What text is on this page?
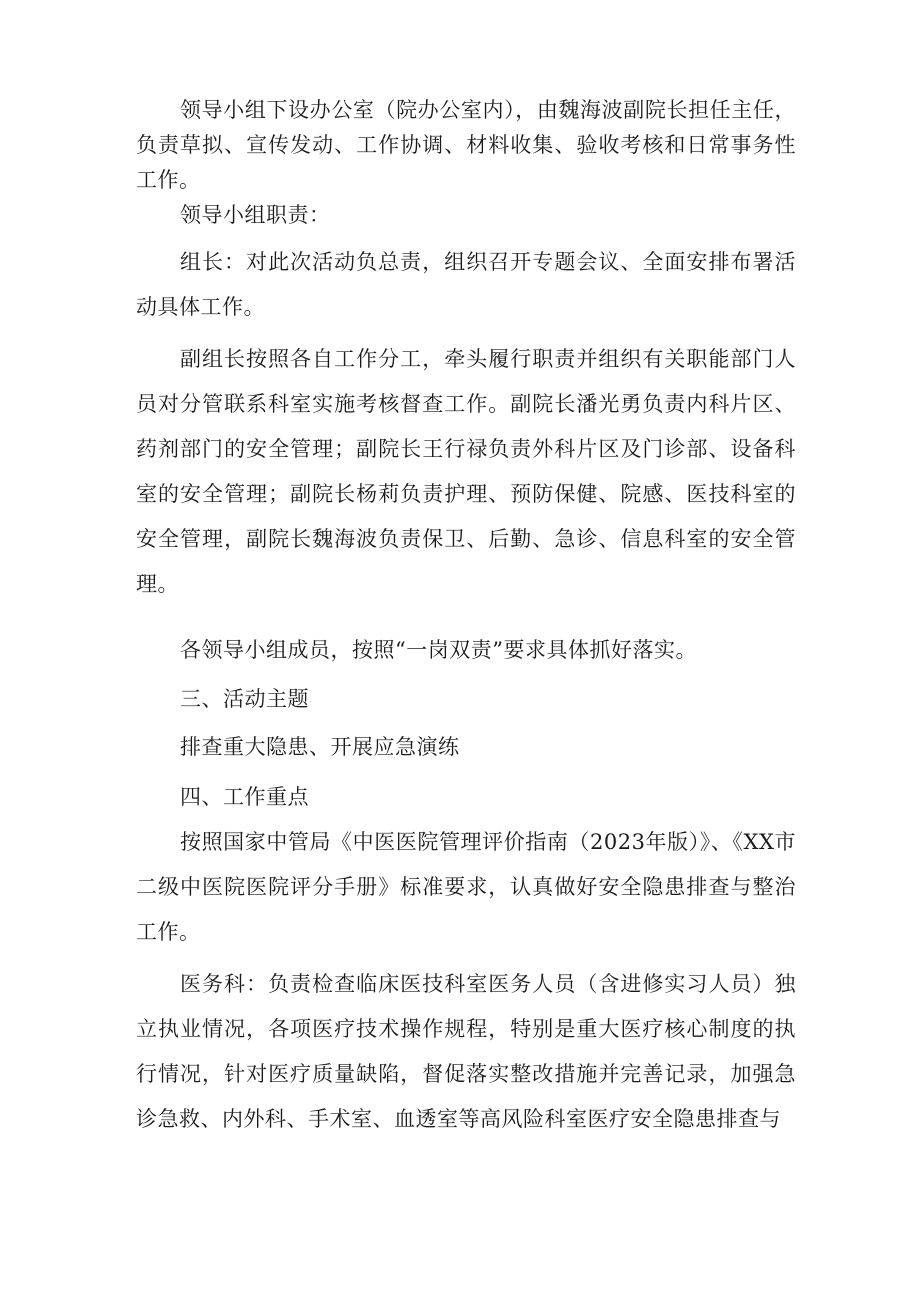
领导小组下设办公室（院办公室内），由魏海波副院长担任主任，负责草拟、宣传发动、工作协调、材料收集、验收考核和日常事务性工作。

领导小组职责：

组长：对此次活动负总责，组织召开专题会议、全面安排布署活动具体工作。

副组长按照各自工作分工，牵头履行职责并组织有关职能部门人员对分管联系科室实施考核督查工作。副院长潘光勇负责内科片区、药剂部门的安全管理；副院长王行禄负责外科片区及门诊部、设备科室的安全管理；副院长杨莉负责护理、预防保健、院感、医技科室的安全管理，副院长魏海波负责保卫、后勤、急诊、信息科室的安全管理。

各领导小组成员，按照“一岗双责”要求具体抓好落实。

三、活动主题

排查重大隐患、开展应急演练

四、工作重点

按照国家中管局《中医医院管理评价指南（2023年版）》、《XX市二级中医院医院评分手册》标准要求，认真做好安全隐患排查与整治工作。

医务科：负责检查临床医技科室医务人员（含进修实习人员）独立执业情况，各项医疗技术操作规程，特别是重大医疗核心制度的执行情况，针对医疗质量缺陷，督促落实整改措施并完善记录，加强急诊急救、内外科、手术室、血透室等高风险科室医疗安全隐患排查与
